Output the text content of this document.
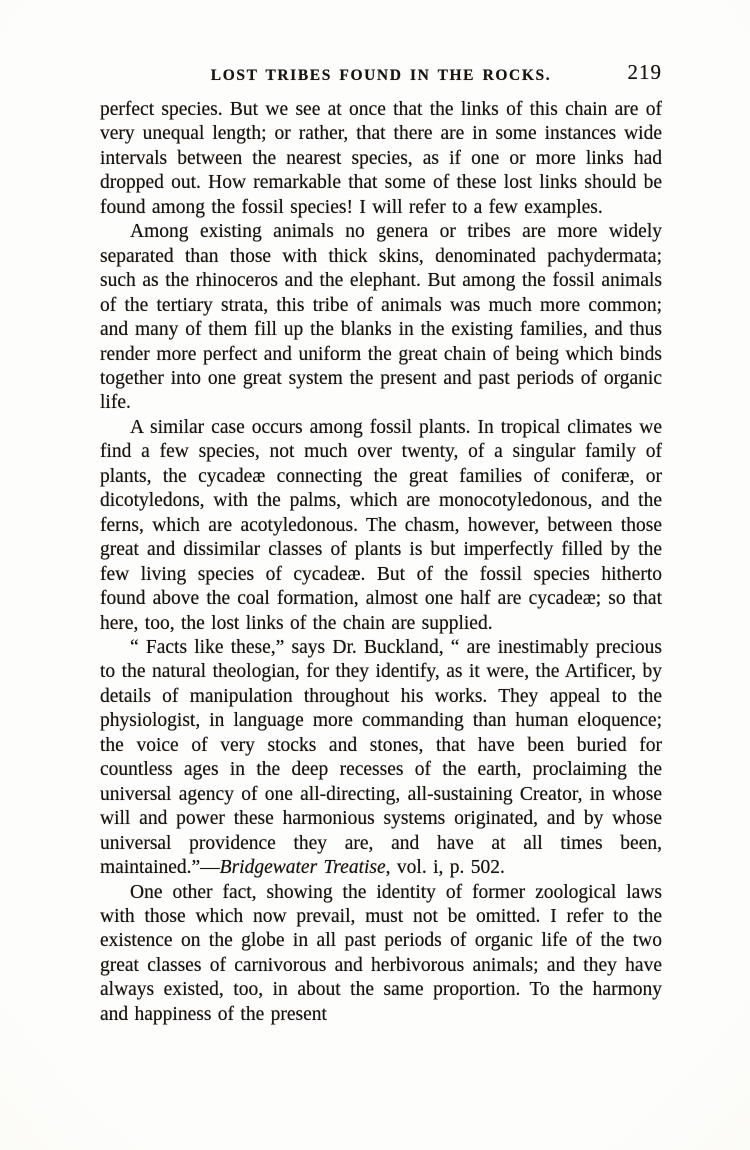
LOST TRIBES FOUND IN THE ROCKS.	219

perfect species. But we see at once that the links of this chain are of very unequal length; or rather, that there are in some instances wide intervals between the nearest species, as if one or more links had dropped out. How remarkable that some of these lost links should be found among the fossil species! I will refer to a few examples.

Among existing animals no genera or tribes are more widely separated than those with thick skins, denominated pachydermata; such as the rhinoceros and the elephant. But among the fossil animals of the tertiary strata, this tribe of animals was much more common; and many of them fill up the blanks in the existing families, and thus render more perfect and uniform the great chain of being which binds together into one great system the present and past periods of organic life.

A similar case occurs among fossil plants. In tropical climates we find a few species, not much over twenty, of a singular family of plants, the cycadeæ connecting the great families of coniferæ, or dicotyledons, with the palms, which are monocotyledonous, and the ferns, which are acotyledonous. The chasm, however, between those great and dissimilar classes of plants is but imperfectly filled by the few living species of cycadeæ. But of the fossil species hitherto found above the coal formation, almost one half are cycadeæ; so that here, too, the lost links of the chain are supplied.

“ Facts like these,” says Dr. Buckland, “ are inestimably precious to the natural theologian, for they identify, as it were, the Artificer, by details of manipulation throughout his works. They appeal to the physiologist, in language more commanding than human eloquence; the voice of very stocks and stones, that have been buried for countless ages in the deep recesses of the earth, proclaiming the universal agency of one all-directing, all-sustaining Creator, in whose will and power these harmonious systems originated, and by whose universal providence they are, and have at all times been, maintained.”—Bridgewater Treatise, vol. i, p. 502.

One other fact, showing the identity of former zoological laws with those which now prevail, must not be omitted. I refer to the existence on the globe in all past periods of organic life of the two great classes of carnivorous and herbivorous animals; and they have always existed, too, in about the same proportion. To the harmony and happiness of the present
